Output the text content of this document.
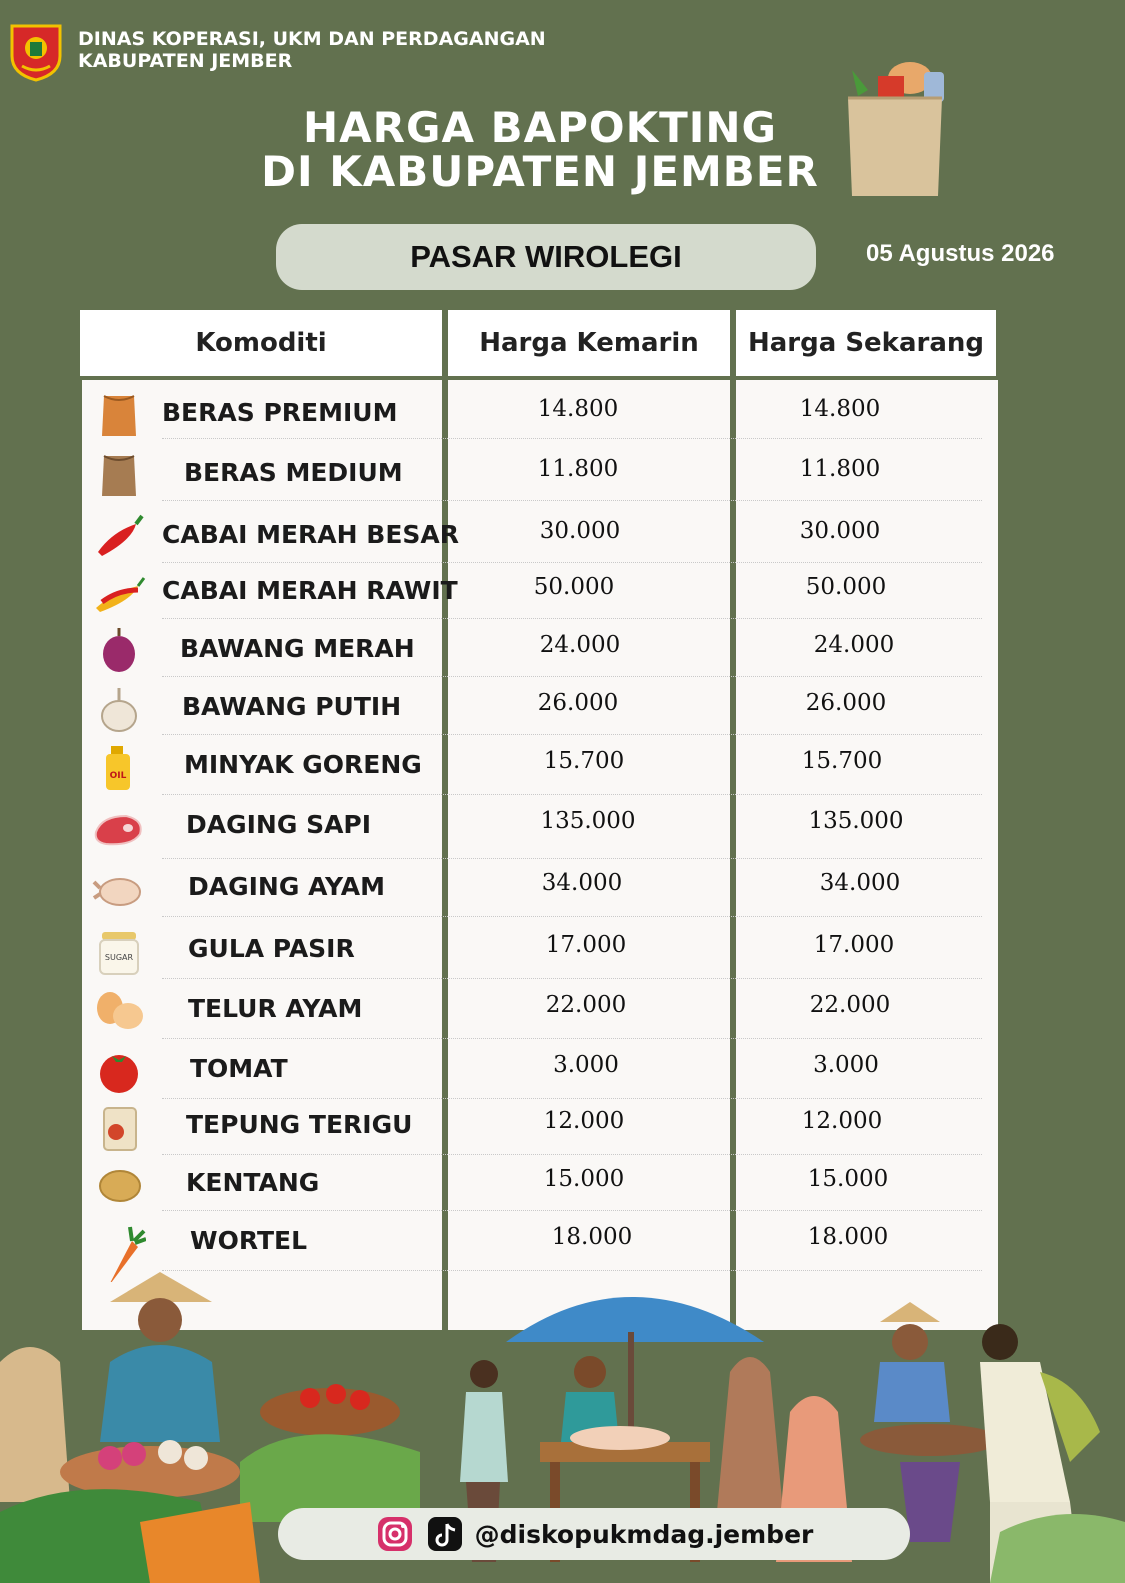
DINAS KOPERASI, UKM DAN PERDAGANGAN
KABUPATEN JEMBER
HARGA BAPOKTING
DI KABUPATEN JEMBER
PASAR WIROLEGI	05 Agustus 2026
Komoditi	Harga Kemarin	Harga Sekarang
BERAS PREMIUM	14.800	14.800
BERAS MEDIUM	11.800	11.800
CABAI MERAH BESAR	30.000	30.000
CABAI MERAH RAWIT	50.000	50.000
BAWANG MERAH	24.000	24.000
BAWANG PUTIH	26.000	26.000
OIL MINYAK GORENG	15.700	15.700
DAGING SAPI	135.000	135.000
DAGING AYAM	34.000	34.000
SUGAR GULA PASIR	17.000	17.000
TELUR AYAM	22.000	22.000
TOMAT	3.000	3.000
TEPUNG TERIGU	12.000	12.000
KENTANG	15.000	15.000
WORTEL	18.000	18.000
@diskopukmdag.jember
